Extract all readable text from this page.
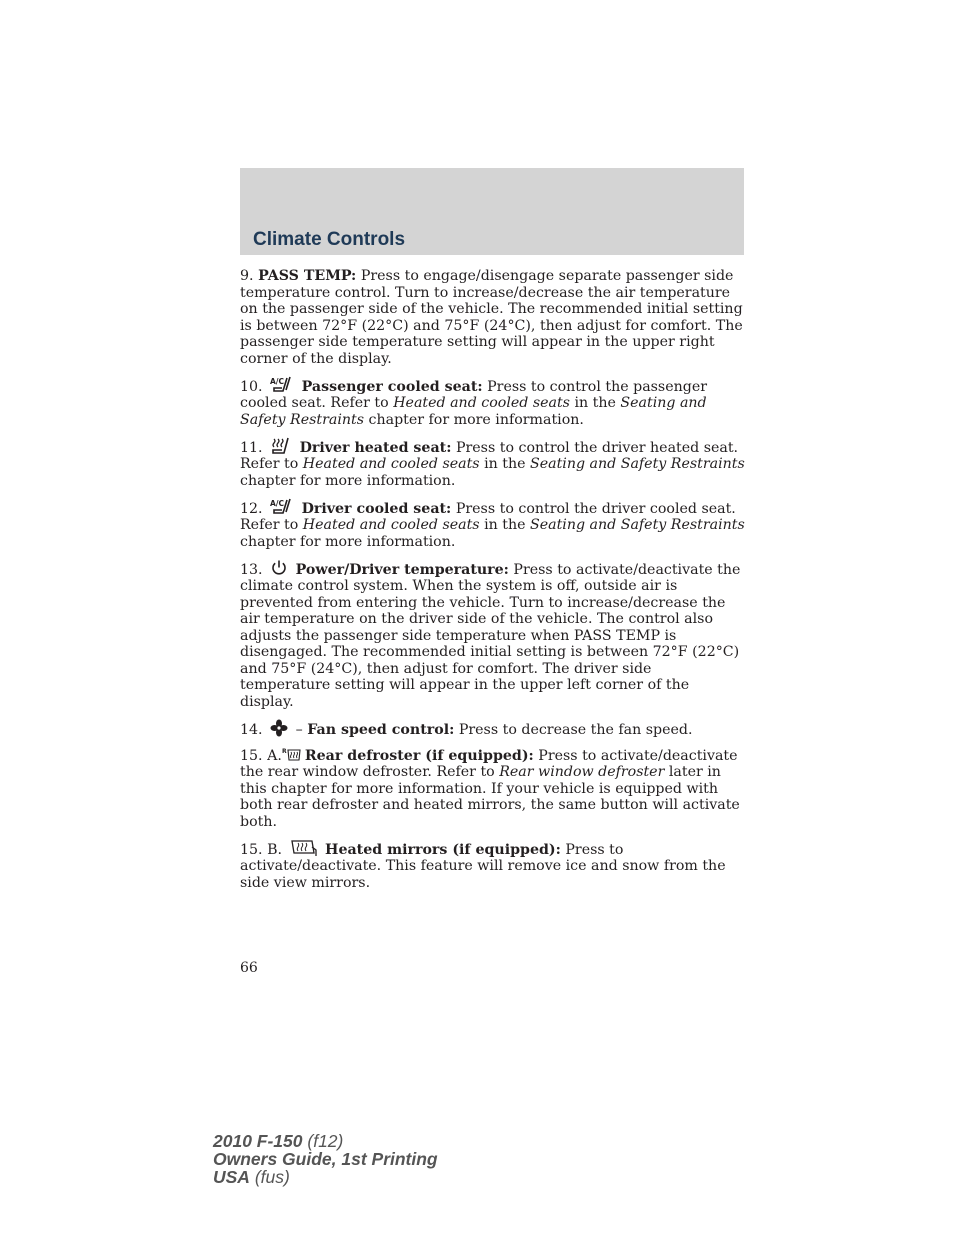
Climate Controls

9. PASS TEMP: Press to engage/disengage separate passenger side temperature control. Turn to increase/decrease the air temperature on the passenger side of the vehicle. The recommended initial setting is between 72°F (22°C) and 75°F (24°C), then adjust for comfort. The passenger side temperature setting will appear in the upper right corner of the display.

10. A/C Passenger cooled seat: Press to control the passenger cooled seat. Refer to Heated and cooled seats in the Seating and Safety Restraints chapter for more information.

11.	Driver heated seat: Press to control the driver heated seat. Refer to Heated and cooled seats in the Seating and Safety Restraints chapter for more information.

12. A/C Driver cooled seat: Press to control the driver cooled seat. Refer to Heated and cooled seats in the Seating and Safety Restraints chapter for more information.

13. Power/Driver temperature: Press to activate/deactivate the climate control system. When the system is off, outside air is prevented from entering the vehicle. Turn to increase/decrease the air temperature on the driver side of the vehicle. The control also adjusts the passenger side temperature when PASS TEMP is disengaged. The recommended initial setting is between 72°F (22°C) and 75°F (24°C), then adjust for comfort. The driver side temperature setting will appear in the upper left corner of the display.

14.  – Fan speed control: Press to decrease the fan speed.

15. A. R Rear defroster (if equipped): Press to activate/deactivate the rear window defroster. Refer to Rear window defroster later in this chapter for more information. If your vehicle is equipped with both rear defroster and heated mirrors, the same button will activate both.

15. B.	Heated mirrors (if equipped): Press to activate/deactivate. This feature will remove ice and snow from the side view mirrors.

66
2010 F-150 (f12)
Owners Guide, 1st Printing
USA (fus)
